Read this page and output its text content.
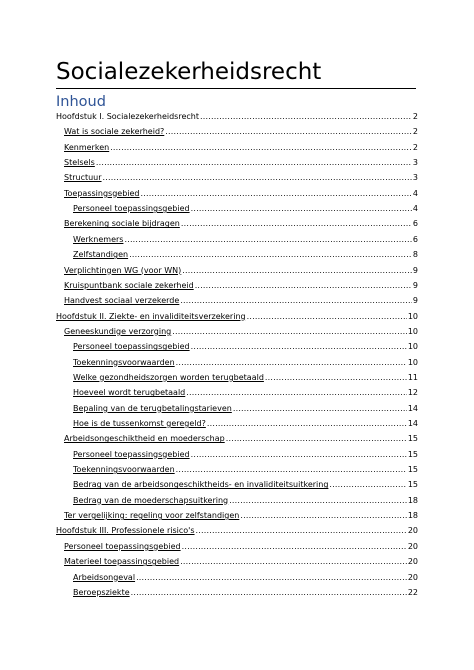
Socialezekerheidsrecht
Inhoud
Hoofdstuk I. Socialezekerheidsrecht .....	2
Wat is sociale zekerheid? .....	2
Kenmerken .....	2
Stelsels .....	3
Structuur .....	3
Toepassingsgebied .....	4
Personeel toepassingsgebied .....	4
Berekening sociale bijdragen .....	6
Werknemers .....	6
Zelfstandigen .....	8
Verplichtingen WG (voor WN) .....	9
Kruispuntbank sociale zekerheid .....	9
Handvest sociaal verzekerde .....	9
Hoofdstuk II. Ziekte- en invaliditeitsverzekering .....	10
Geneeskundige verzorging .....	10
Personeel toepassingsgebied .....	10
Toekenningsvoorwaarden .....	10
Welke gezondheidszorgen worden terugbetaald .....	11
Hoeveel wordt terugbetaald .....	12
Bepaling van de terugbetalingstarieven .....	14
Hoe is de tussenkomst geregeld? .....	14
Arbeidsongeschiktheid en moederschap .....	15
Personeel toepassingsgebied .....	15
Toekenningsvoorwaarden .....	15
Bedrag van de arbeidsongeschiktheids- en invaliditeitsuitkering .....	15
Bedrag van de moederschapsuitkering .....	18
Ter vergelijking: regeling voor zelfstandigen .....	18
Hoofdstuk III. Professionele risico's .....	20
Personeel toepassingsgebied .....	20
Materieel toepassingsgebied .....	20
Arbeidsongeval .....	20
Beroepsziekte .....	22
